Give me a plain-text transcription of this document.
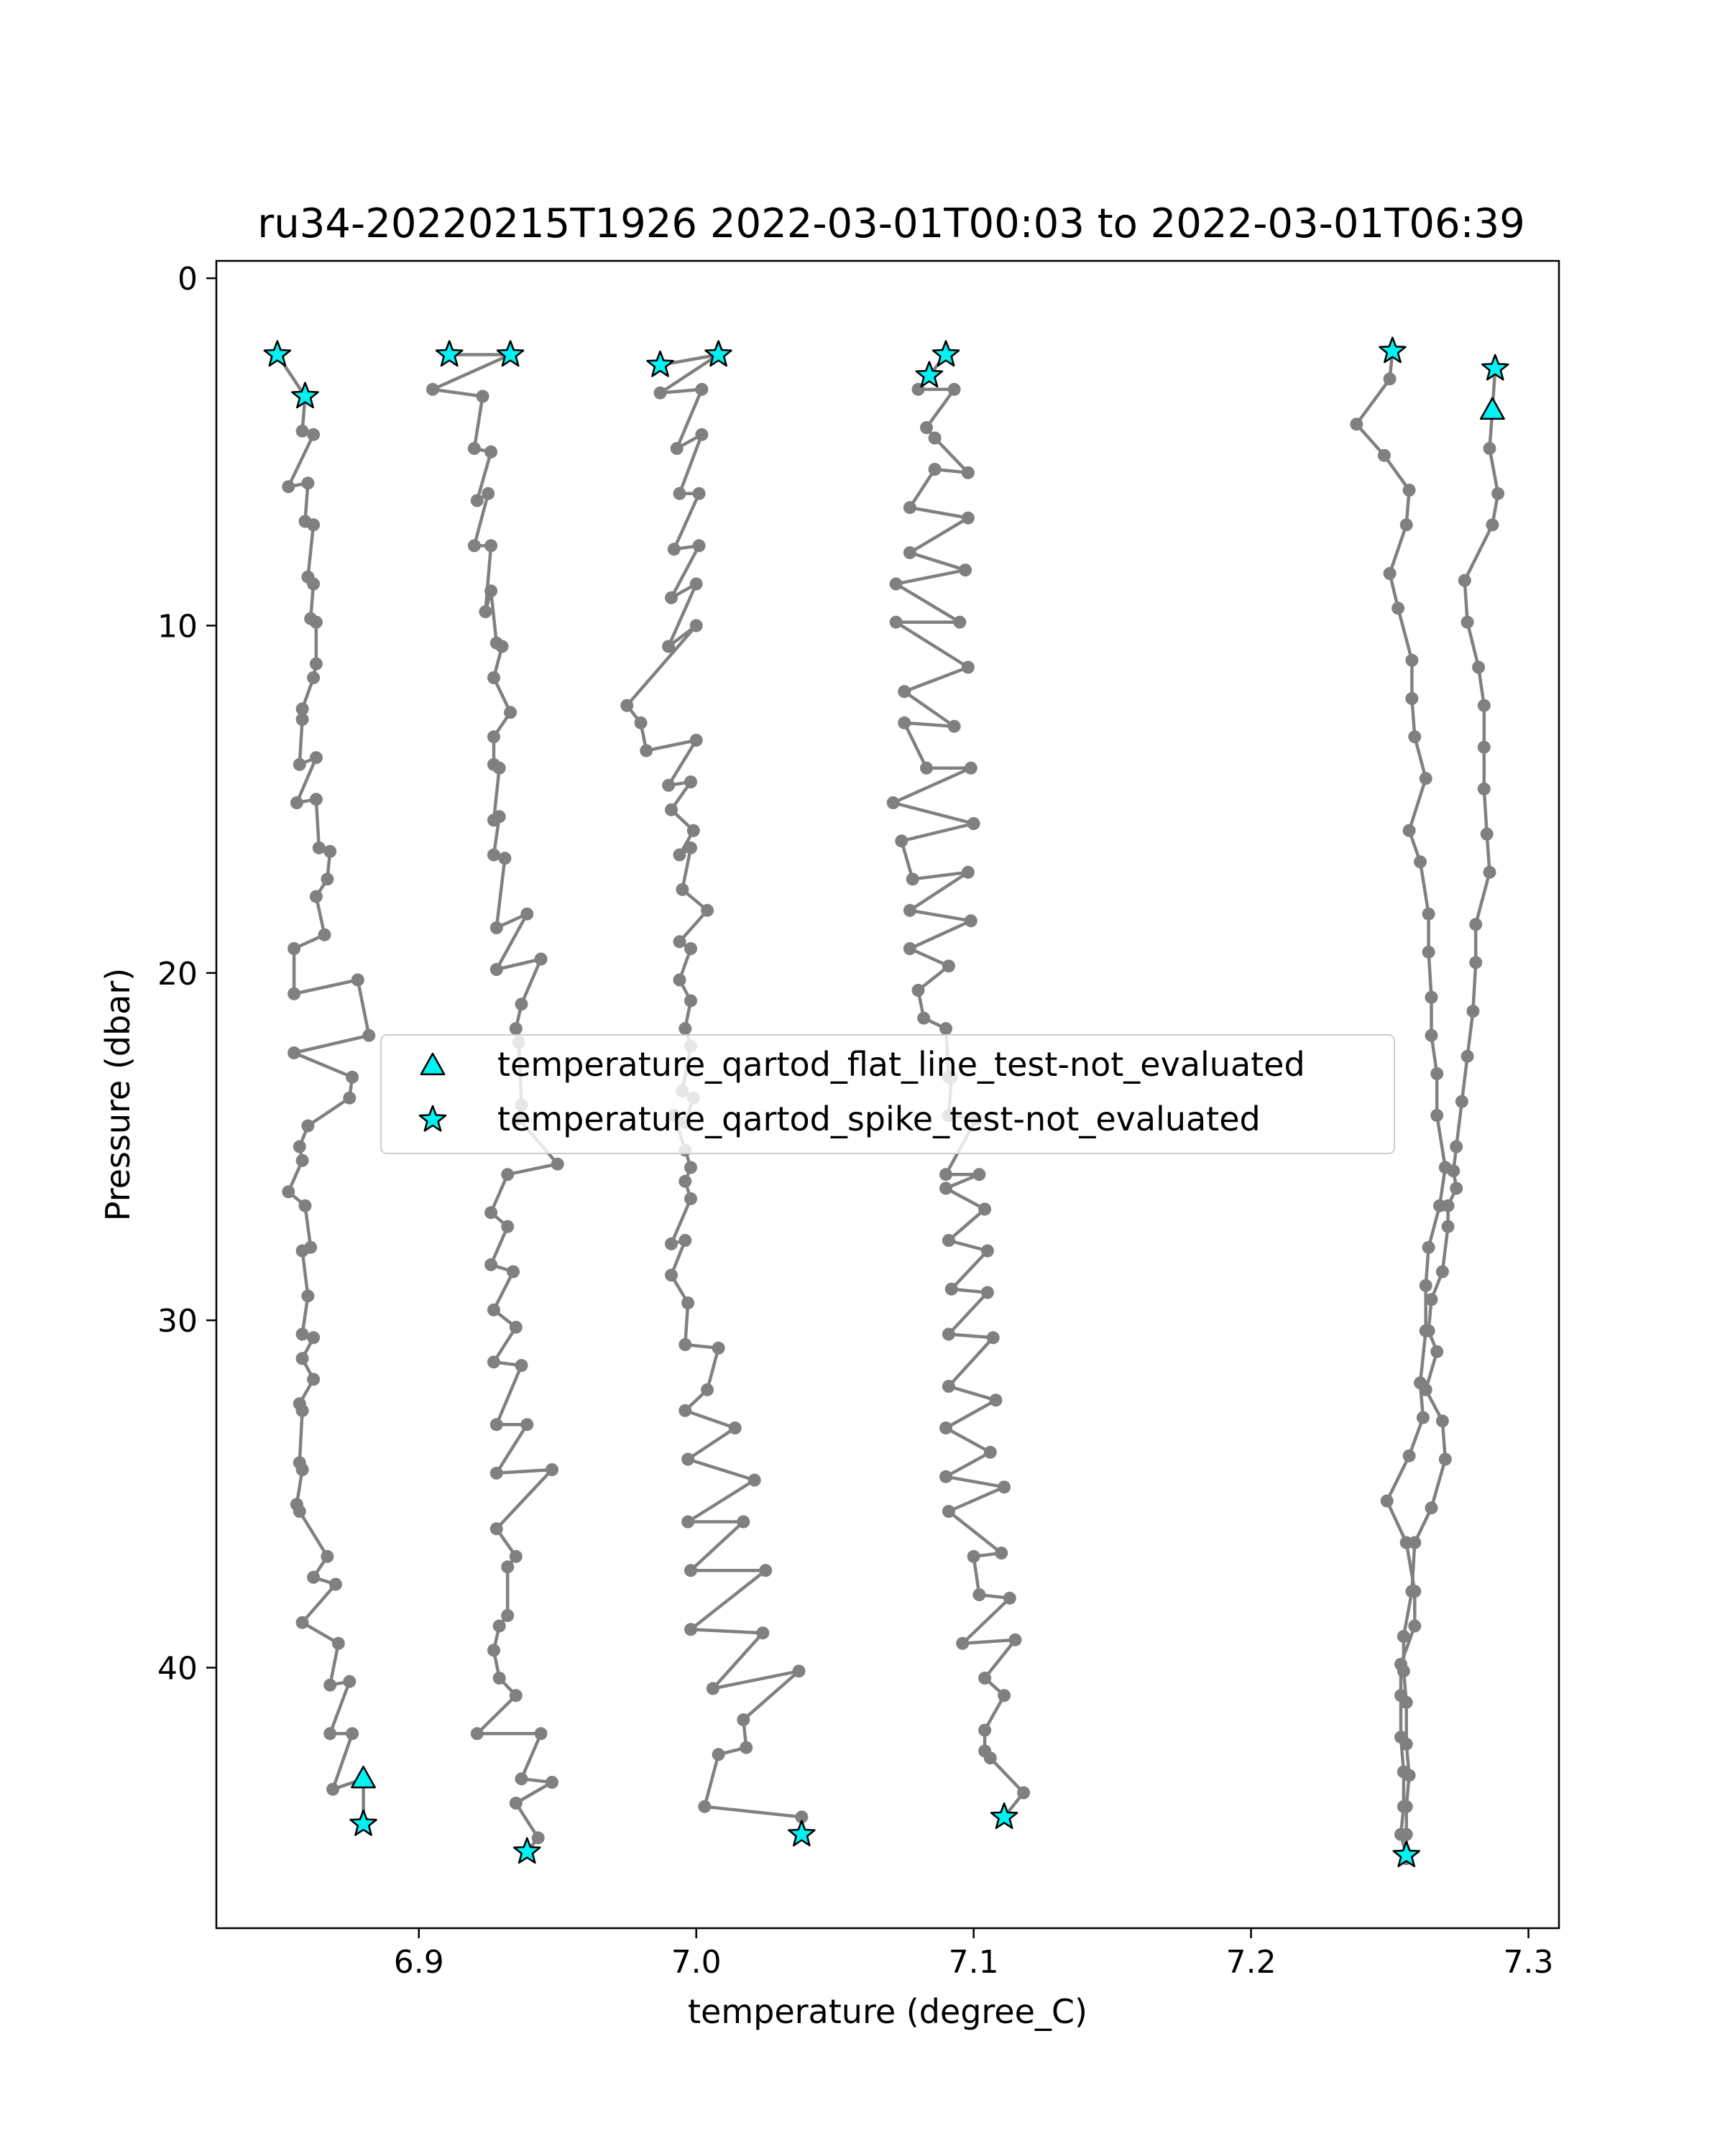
ru34-20220215T1926 2022-03-01T00:03 to 2022-03-01T06:39
6.9	7.0	7.1	7.2	7.3
0
10
20
30
40
temperature (degree_C)
Pressure (dbar)	temperature_qartod_flat_line_test-not_evaluated
temperature_qartod_spike_test-not_evaluated
